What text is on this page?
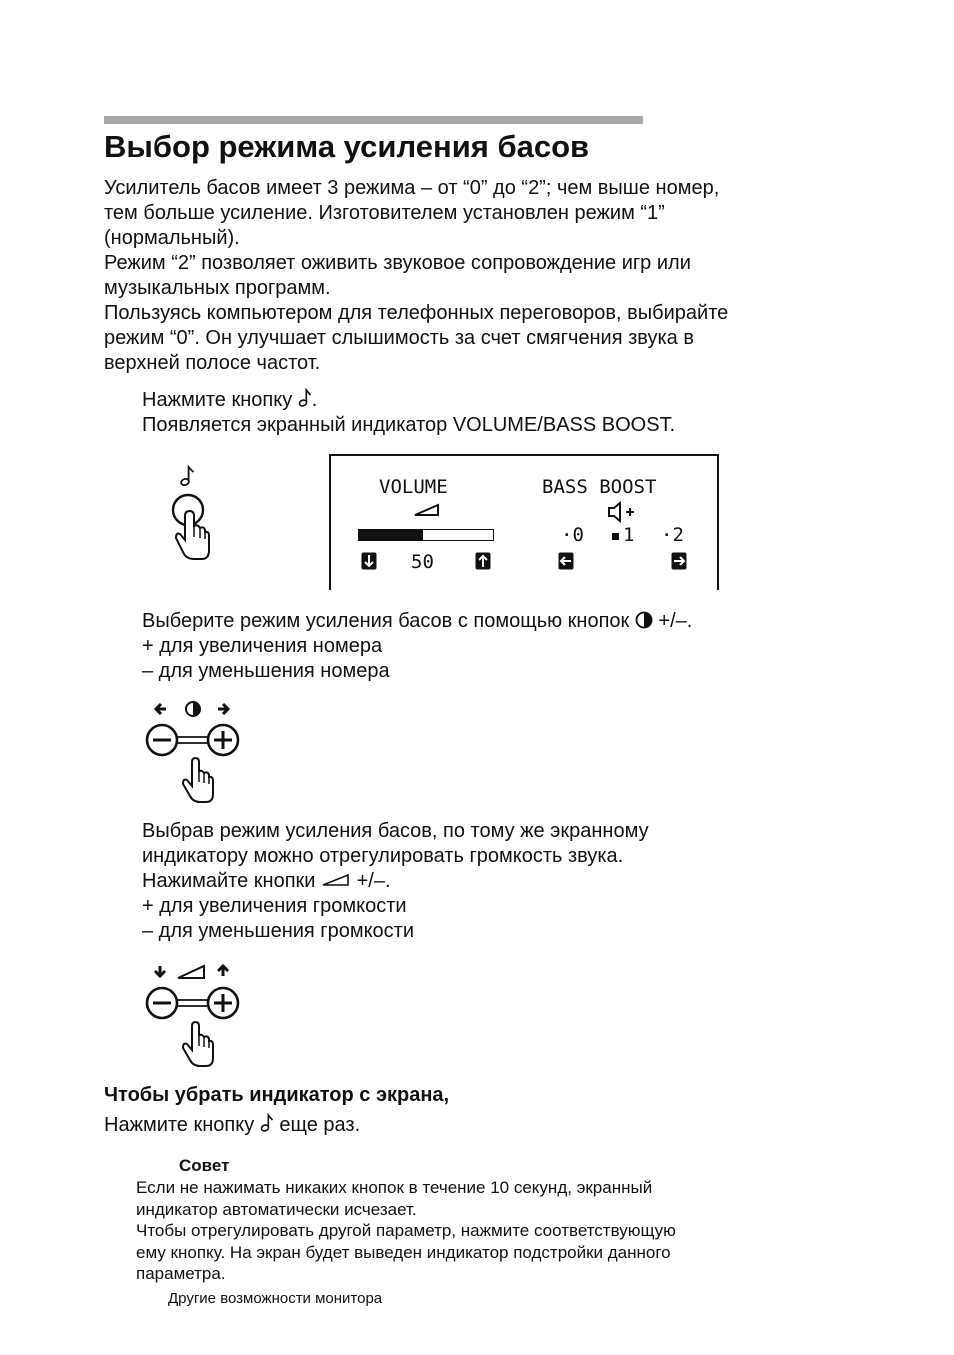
Выбор режима усиления басов
Усилитель басов имеет 3 режима – от “0” до “2”; чем выше номер,
тем больше усиление. Изготовителем установлен режим “1”
(нормальный).
Режим “2” позволяет оживить звуковое сопровождение игр или
музыкальных программ.
Пользуясь компьютером для телефонных переговоров, выбирайте
режим “0”. Он улучшает слышимость за счет смягчения звука в
верхней полосе частот.
Нажмите кнопку .
Появляется экранный индикатор VOLUME/BASS BOOST.
VOLUME
50
BASS BOOST
·0 1 ·2
Выберите режим усиления басов с помощью кнопок +/–.
+ для увеличения номера
– для уменьшения номера
Выбрав режим усиления басов, по тому же экранному
индикатору можно отрегулировать громкость звука.
Нажимайте кнопки +/–.
+ для увеличения громкости
– для уменьшения громкости
Чтобы убрать индикатор с экрана,
Нажмите кнопку еще раз.
Совет
Если не нажимать никаких кнопок в течение 10 секунд, экранный
индикатор автоматически исчезает.
Чтобы отрегулировать другой параметр, нажмите соответствующую
ему кнопку. На экран будет выведен индикатор подстройки данного
параметра.
Другие возможности монитора
